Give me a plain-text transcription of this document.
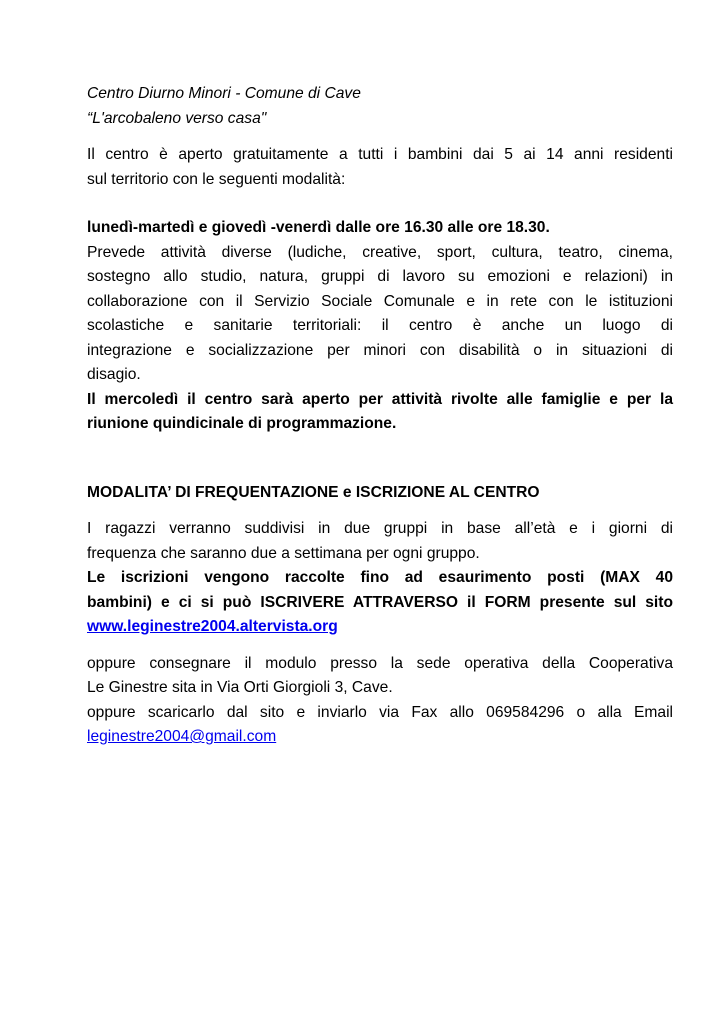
Centro Diurno Minori - Comune di Cave
“L'arcobaleno verso casa"
Il centro è aperto gratuitamente a tutti i bambini dai 5 ai 14 anni residenti
sul territorio con le seguenti modalità:
lunedì-martedì e giovedì -venerdì dalle ore 16.30 alle ore 18.30.
Prevede attività diverse (ludiche, creative, sport, cultura, teatro, cinema,
sostegno allo studio, natura, gruppi di lavoro su emozioni e relazioni) in
collaborazione con il Servizio Sociale Comunale e in rete con le istituzioni
scolastiche e sanitarie territoriali: il centro è anche un luogo di
integrazione e socializzazione per minori con disabilità o in situazioni di
disagio.
Il mercoledì il centro sarà aperto per attività rivolte alle famiglie e per la
riunione quindicinale di programmazione.
MODALITA’ DI FREQUENTAZIONE e ISCRIZIONE AL CENTRO
I ragazzi verranno suddivisi in due gruppi in base all’età e i giorni di
frequenza che saranno due a settimana per ogni gruppo.
Le iscrizioni vengono raccolte fino ad esaurimento posti (MAX 40
bambini) e ci si può ISCRIVERE ATTRAVERSO il FORM presente sul sito
www.leginestre2004.altervista.org
oppure consegnare il modulo presso la sede operativa della Cooperativa
Le Ginestre sita in Via Orti Giorgioli 3, Cave.
oppure scaricarlo dal sito e inviarlo via Fax allo 069584296 o alla Email
leginestre2004@gmail.com
